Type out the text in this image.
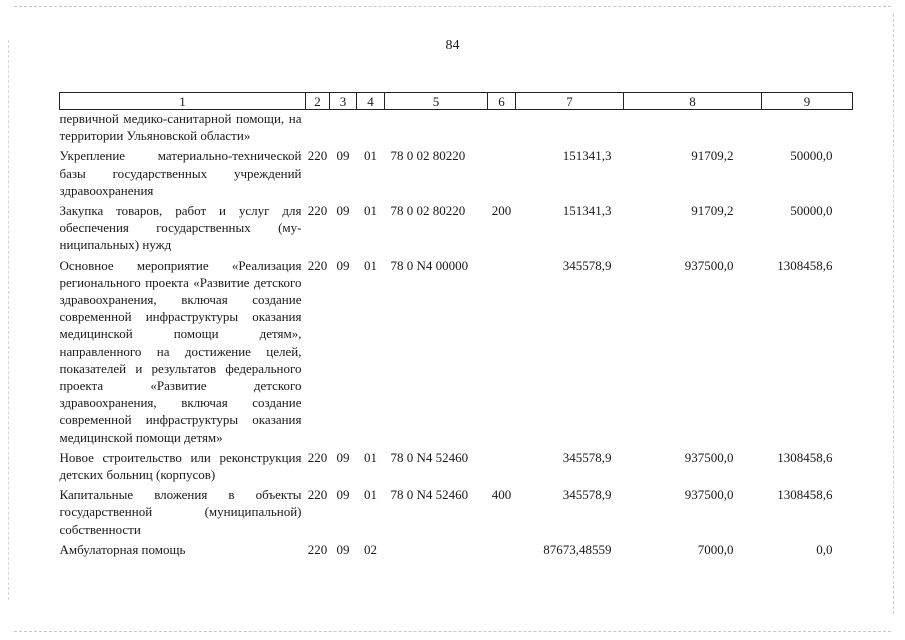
84
1	2	3	4	5	6	7	8	9
первичной медико-санитарной помощи, на территории Ульяновской области»								
Укрепление материально-технической базы государственных учреждений здравоохранения	220	09	01	78 0 02 80220		151341,3	91709,2	50000,0
Закупка товаров, работ и услуг для обеспечения государственных (муниципальных) нужд	220	09	01	78 0 02 80220	200	151341,3	91709,2	50000,0
Основное мероприятие «Реализация регионального проекта «Развитие детского здравоохранения, включая создание современной инфраструктуры оказания медицинской помощи детям», направленного на достижение целей, показателей и результатов федерального проекта «Развитие детского здравоохранения, включая создание современной инфраструктуры оказания медицинской помощи детям»	220	09	01	78 0 N4 00000		345578,9	937500,0	1308458,6
Новое строительство или реконструкция детских больниц (корпусов)	220	09	01	78 0 N4 52460		345578,9	937500,0	1308458,6
Капитальные вложения в объекты государственной (муниципальной) собственности	220	09	01	78 0 N4 52460	400	345578,9	937500,0	1308458,6
Амбулаторная помощь	220	09	02			87673,48559	7000,0	0,0
